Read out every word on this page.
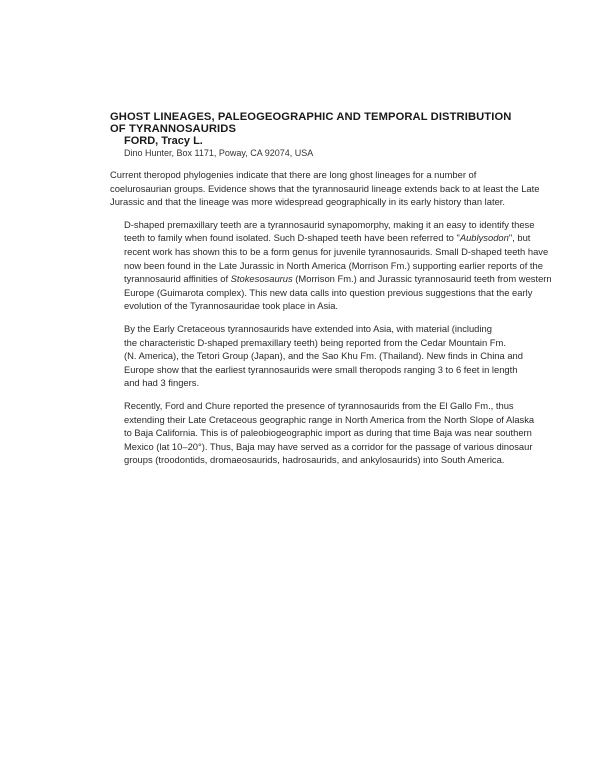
GHOST LINEAGES, PALEOGEOGRAPHIC AND TEMPORAL DISTRIBUTION OF TYRANNOSAURIDS
FORD, Tracy L.
Dino Hunter, Box 1171, Poway, CA 92074, USA

Current theropod phylogenies indicate that there are long ghost lineages for a number of
coelurosaurian groups. Evidence shows that the tyrannosaurid lineage extends back to at least the Late
Jurassic and that the lineage was more widespread geographically in its early history than later.

D-shaped premaxillary teeth are a tyrannosaurid synapomorphy, making it an easy to identify these
teeth to family when found isolated. Such D-shaped teeth have been referred to "Aublysodon", but
recent work has shown this to be a form genus for juvenile tyrannosaurids. Small D-shaped teeth have
now been found in the Late Jurassic in North America (Morrison Fm.) supporting earlier reports of the
tyrannosaurid affinities of Stokesosaurus (Morrison Fm.) and Jurassic tyrannosaurid teeth from western
Europe (Guimarota complex). This new data calls into question previous suggestions that the early
evolution of the Tyrannosauridae took place in Asia.

By the Early Cretaceous tyrannosaurids have extended into Asia, with material (including
the characteristic D-shaped premaxillary teeth) being reported from the Cedar Mountain Fm.
(N. America), the Tetori Group (Japan), and the Sao Khu Fm. (Thailand). New finds in China and
Europe show that the earliest tyrannosaurids were small theropods ranging 3 to 6 feet in length
and had 3 fingers.

Recently, Ford and Chure reported the presence of tyrannosaurids from the El Gallo Fm., thus
extending their Late Cretaceous geographic range in North America from the North Slope of Alaska
to Baja California. This is of paleobiogeographic import as during that time Baja was near southern
Mexico (lat 10–20°). Thus, Baja may have served as a corridor for the passage of various dinosaur
groups (troodontids, dromaeosaurids, hadrosaurids, and ankylosaurids) into South America.
